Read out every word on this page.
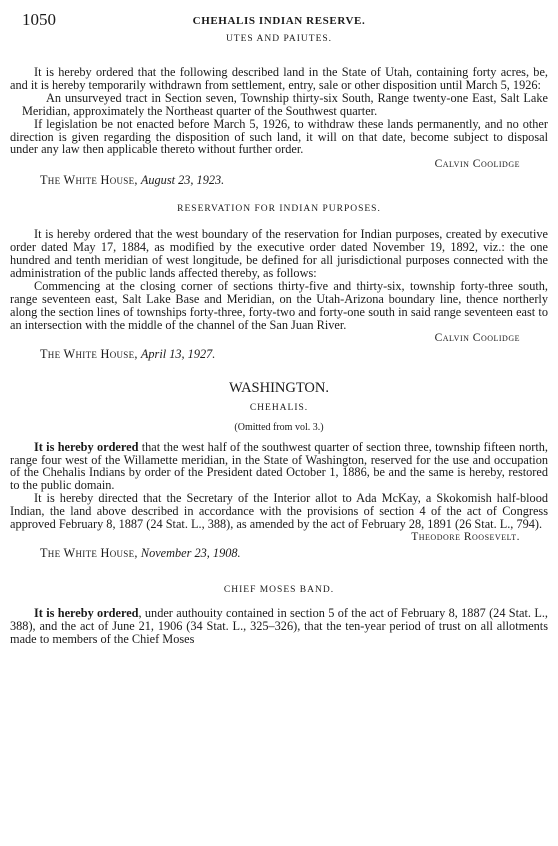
1050	CHEHALIS INDIAN RESERVE.
UTES AND PAIUTES.

It is hereby ordered that the following described land in the State of Utah, containing forty acres, be, and it is hereby temporarily withdrawn from settlement, entry, sale or other disposition until March 5, 1926:

An unsurveyed tract in Section seven, Township thirty-six South, Range twenty-one East, Salt Lake Meridian, approximately the Northeast quarter of the Southwest quarter.

If legislation be not enacted before March 5, 1926, to withdraw these lands permanently, and no other direction is given regarding the disposition of such land, it will on that date, become subject to disposal under any law then applicable thereto without further order.

Calvin Coolidge
The White House, August 23, 1923.
RESERVATION FOR INDIAN PURPOSES.

It is hereby ordered that the west boundary of the reservation for Indian purposes, created by executive order dated May 17, 1884, as modified by the executive order dated November 19, 1892, viz.: the one hundred and tenth meridian of west longitude, be defined for all jurisdictional purposes connected with the administration of the public lands affected thereby, as follows:

Commencing at the closing corner of sections thirty-five and thirty-six, township forty-three south, range seventeen east, Salt Lake Base and Meridian, on the Utah-Arizona boundary line, thence northerly along the section lines of townships forty-three, forty-two and forty-one south in said range seventeen east to an intersection with the middle of the channel of the San Juan River.

Calvin Coolidge
The White House, April 13, 1927.
WASHINGTON.
CHEHALIS.
(Omitted from vol. 3.)

It is hereby ordered that the west half of the southwest quarter of section three, township fifteen north, range four west of the Willamette meridian, in the State of Washington, reserved for the use and occupation of the Chehalis Indians by order of the President dated October 1, 1886, be and the same is hereby, restored to the public domain.

It is hereby directed that the Secretary of the Interior allot to Ada McKay, a Skokomish half-blood Indian, the land above described in accordance with the provisions of section 4 of the act of Congress approved February 8, 1887 (24 Stat. L., 388), as amended by the act of February 28, 1891 (26 Stat. L., 794).

Theodore Roosevelt.
The White House, November 23, 1908.
CHIEF MOSES BAND.

It is hereby ordered, under authouity contained in section 5 of the act of February 8, 1887 (24 Stat. L., 388), and the act of June 21, 1906 (34 Stat. L., 325–326), that the ten-year period of trust on all allotments made to members of the Chief Moses
